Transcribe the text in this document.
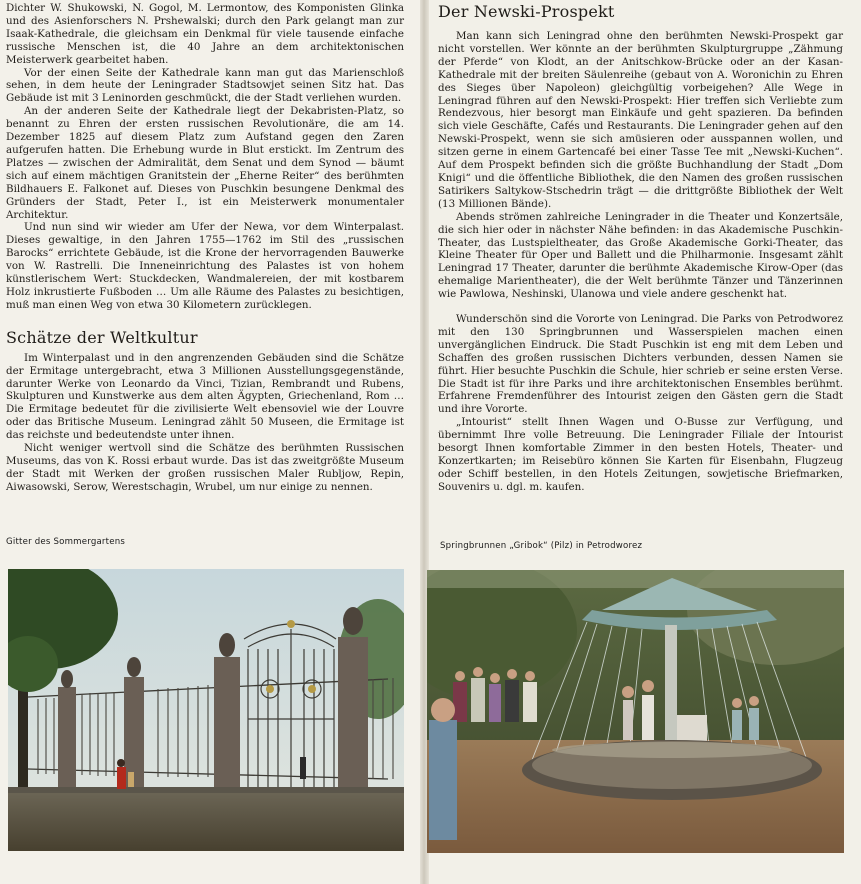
Dichter W. Shukowski, N. Gogol, M. Lermontow, des Komponisten Glinka und des Asienforschers N. Prshewalski; durch den Park gelangt man zur Isaak-Kathedrale, die gleichsam ein Denkmal für viele tausende einfache russische Menschen ist, die 40 Jahre an dem architektonischen Meisterwerk gearbeitet haben.

Vor der einen Seite der Kathedrale kann man gut das Marienschloß sehen, in dem heute der Leningrader Stadtsowjet seinen Sitz hat. Das Gebäude ist mit 3 Leninorden geschmückt, die der Stadt verliehen wurden.

An der anderen Seite der Kathedrale liegt der Dekabristen-Platz, so benannt zu Ehren der ersten russischen Revolutionäre, die am 14. Dezember 1825 auf diesem Platz zum Aufstand gegen den Zaren aufgerufen hatten. Die Erhebung wurde in Blut erstickt. Im Zentrum des Platzes — zwischen der Admiralität, dem Senat und dem Synod — bäumt sich auf einem mächtigen Granitstein der „Eherne Reiter“ des berühmten Bildhauers E. Falkonet auf. Dieses von Puschkin besungene Denkmal des Gründers der Stadt, Peter I., ist ein Meisterwerk monumentaler Architektur.

Und nun sind wir wieder am Ufer der Newa, vor dem Winterpalast. Dieses gewaltige, in den Jahren 1755—1762 im Stil des „russischen Barocks“ errichtete Gebäude, ist die Krone der hervorragenden Bauwerke von W. Rastrelli. Die Inneneinrichtung des Palastes ist von hohem künstlerischem Wert: Stuckdecken, Wandmalereien, der mit kostbarem Holz inkrustierte Fußboden … Um alle Räume des Palastes zu besichtigen, muß man einen Weg von etwa 30 Kilometern zurücklegen.

Schätze der Weltkultur

Im Winterpalast und in den angrenzenden Gebäuden sind die Schätze der Ermitage untergebracht, etwa 3 Millionen Ausstellungsgegenstände, darunter Werke von Leonardo da Vinci, Tizian, Rembrandt und Rubens, Skulpturen und Kunstwerke aus dem alten Ägypten, Griechenland, Rom … Die Ermitage bedeutet für die zivilisierte Welt ebensoviel wie der Louvre oder das Britische Museum. Leningrad zählt 50 Museen, die Ermitage ist das reichste und bedeutendste unter ihnen.

Nicht weniger wertvoll sind die Schätze des berühmten Russischen Museums, das von K. Rossi erbaut wurde. Das ist das zweitgrößte Museum der Stadt mit Werken der großen russischen Maler Rubljow, Repin, Aiwasowski, Serow, Werestschagin, Wrubel, um nur einige zu nennen.

Der Newski-Prospekt

Man kann sich Leningrad ohne den berühmten Newski-Prospekt gar nicht vorstellen. Wer könnte an der berühmten Skulpturgruppe „Zähmung der Pferde“ von Klodt, an der Anitschkow-Brücke oder an der Kasan-Kathedrale mit der breiten Säulenreihe (gebaut von A. Woronichin zu Ehren des Sieges über Napoleon) gleichgültig vorbeigehen? Alle Wege in Leningrad führen auf den Newski-Prospekt: Hier treffen sich Verliebte zum Rendezvous, hier besorgt man Einkäufe und geht spazieren. Da befinden sich viele Geschäfte, Cafés und Restaurants. Die Leningrader gehen auf den Newski-Prospekt, wenn sie sich amüsieren oder ausspannen wollen, und sitzen gerne in einem Gartencafé bei einer Tasse Tee mit „Newski-Kuchen“. Auf dem Prospekt befinden sich die größte Buchhandlung der Stadt „Dom Knigi“ und die öffentliche Bibliothek, die den Namen des großen russischen Satirikers Saltykow-Stschedrin trägt — die drittgrößte Bibliothek der Welt (13 Millionen Bände).

Abends strömen zahlreiche Leningrader in die Theater und Konzertsäle, die sich hier oder in nächster Nähe befinden: in das Akademische Puschkin-Theater, das Lustspieltheater, das Große Akademische Gorki-Theater, das Kleine Theater für Oper und Ballett und die Philharmonie. Insgesamt zählt Leningrad 17 Theater, darunter die berühmte Akademische Kirow-Oper (das ehemalige Marientheater), die der Welt berühmte Tänzer und Tänzerinnen wie Pawlowa, Neshinski, Ulanowa und viele andere geschenkt hat.

Wunderschön sind die Vororte von Leningrad. Die Parks von Petrodworez mit den 130 Springbrunnen und Wasserspielen machen einen unvergänglichen Eindruck. Die Stadt Puschkin ist eng mit dem Leben und Schaffen des großen russischen Dichters verbunden, dessen Namen sie führt. Hier besuchte Puschkin die Schule, hier schrieb er seine ersten Verse. Die Stadt ist für ihre Parks und ihre architektonischen Ensembles berühmt. Erfahrene Fremdenführer des Intourist zeigen den Gästen gern die Stadt und ihre Vororte.

„Intourist“ stellt Ihnen Wagen und O-Busse zur Verfügung, und übernimmt Ihre volle Betreuung. Die Leningrader Filiale der Intourist besorgt Ihnen komfortable Zimmer in den besten Hotels, Theater- und Konzertkarten; im Reisebüro können Sie Karten für Eisenbahn, Flugzeug oder Schiff bestellen, in den Hotels Zeitungen, sowjetische Briefmarken, Souvenirs u. dgl. m. kaufen.

Gitter des Sommergartens	Springbrunnen „Gribok“ (Pilz) in Petrodworez
